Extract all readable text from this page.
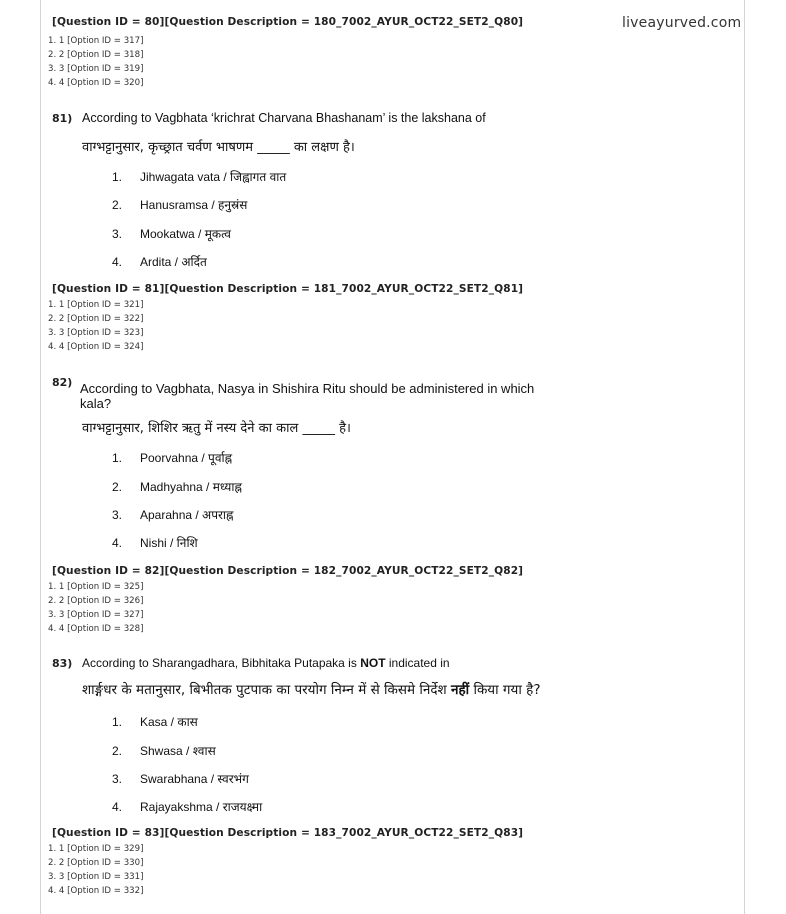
liveayurved.com
[Question ID = 80][Question Description = 180_7002_AYUR_OCT22_SET2_Q80]
1. 1 [Option ID = 317]
2. 2 [Option ID = 318]
3. 3 [Option ID = 319]
4. 4 [Option ID = 320]
81) According to Vagbhata ‘krichrat Charvana Bhashanam’ is the lakshana of
वाग्भट्टानुसार, कृच्छ्रात चर्वण भाषणम _____ का लक्षण है।
1. Jihwagata vata / जिह्वागत वात
2. Hanusramsa / हनुस्रंस
3. Mookatwa / मूकत्व
4. Ardita / अर्दित
[Question ID = 81][Question Description = 181_7002_AYUR_OCT22_SET2_Q81]
1. 1 [Option ID = 321]
2. 2 [Option ID = 322]
3. 3 [Option ID = 323]
4. 4 [Option ID = 324]
82) According to Vagbhata, Nasya in Shishira Ritu should be administered in which
kala?
वाग्भट्टानुसार, शिशिर ऋतु में नस्य देने का काल _____ है।
1. Poorvahna / पूर्वाह्न
2. Madhyahna / मध्याह्न
3. Aparahna / अपराह्न
4. Nishi / निशि
[Question ID = 82][Question Description = 182_7002_AYUR_OCT22_SET2_Q82]
1. 1 [Option ID = 325]
2. 2 [Option ID = 326]
3. 3 [Option ID = 327]
4. 4 [Option ID = 328]
83) According to Sharangadhara, Bibhitaka Putapaka is NOT indicated in
शार्ङ्गधर के मतानुसार, बिभीतक पुटपाक का परयोग निम्न में से किसमे निर्देश नहीं किया गया है?
1. Kasa / कास
2. Shwasa / श्वास
3. Swarabhana / स्वरभंग
4. Rajayakshma / राजयक्ष्मा
[Question ID = 83][Question Description = 183_7002_AYUR_OCT22_SET2_Q83]
1. 1 [Option ID = 329]
2. 2 [Option ID = 330]
3. 3 [Option ID = 331]
4. 4 [Option ID = 332]
